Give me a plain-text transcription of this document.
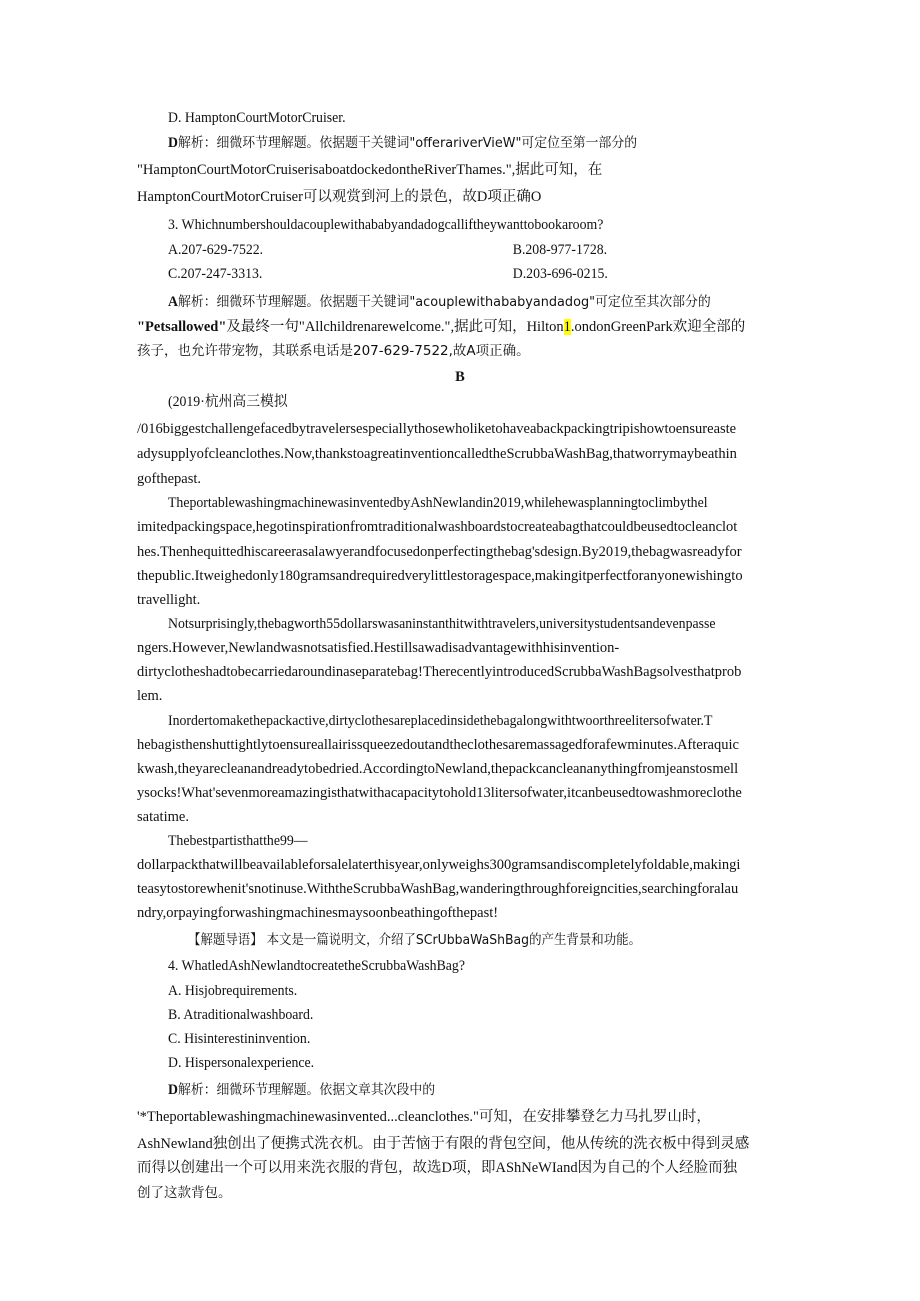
D. HamptonCourtMotorCruiser.
D解析：细微环节理解题。依据题干关键词"offerariverVieW"可定位至第一部分的
"HamptonCourtMotorCruiserisaboatdockedontheRiverThames.",据此可知，在
HamptonCourtMotorCruiser可以观赏到河上的景色，故D项正确O
3. Whichnumbershouldacouplewithababyandadogcalliftheywanttobookaroom?
A.207-629-7522.	B.208-977-1728.
C.207-247-3313.	D.203-696-0215.
A解析：细微环节理解题。依据题干关键词"acouplewithababyandadog"可定位至其次部分的
"Petsallowed"及最终一句"Allchildrenarewelcome.",据此可知，Hilton1.ondonGreenPark欢迎全部的
孩子，也允许带宠物，其联系电话是207-629-7522,故A项正确。
B
(2019·杭州高三模拟
/016biggestchallengefacedbytravelersespeciallythosewholiketohaveabackpackingtripishowtoensureaste
adysupplyofcleanclothes.Now,thankstoagreatinventioncalledtheScrubbaWashBag,thatworrymaybeathin
gofthepast.
TheportablewashingmachinewasinventedbyAshNewlandin2019,whilehewasplanningtoclimbythel
imitedpackingspace,hegotinspirationfromtraditionalwashboardstocreateabagthatcouldbeusedtocleanclot
hes.Thenhequittedhiscareerasalawyerandfocusedonperfectingthebag'sdesign.By2019,thebagwasreadyfor
thepublic.Itweighedonly180gramsandrequiredverylittlestoragespace,makingitperfectforanyonewishingto
travellight.
Notsurprisingly,thebagworth55dollarswasaninstanthitwithtravelers,universitystudentsandevenpasse
ngers.However,Newlandwasnotsatisfied.Hestillsawadisadvantagewithhisinvention-
dirtyclotheshadtobecarriedaroundinaseparatebag!TherecentlyintroducedScrubbaWashBagsolvesthatprob
lem.
Inordertomakethepackactive,dirtyclothesareplacedinsidethebagalongwithtwoorthreelitersofwater.T
hebagisthenshuttightlytoensureallairissqueezedoutandtheclothesaremassagedforafewminutes.Afteraquic
kwash,theyarecleanandreadytobedried.AccordingtoNewland,thepackcancleananythingfromjeanstosmell
ysocks!What'sevenmoreamazingisthatwithacapacitytohold13litersofwater,itcanbeusedtowashmoreclothe
satatime.
Thebestpartisthatthe99—
dollarpackthatwillbeavailableforsalelaterthisyear,onlyweighs300gramsandiscompletelyfoldable,makingi
teasytostorewhenit'snotinuse.WiththeScrubbaWashBag,wanderingthroughforeigncities,searchingforalau
ndry,orpayingforwashingmachinesmaysoonbeathingofthepast!
【解题导语】 本文是一篇说明文，介绍了SCrUbbaWaShBag的产生背景和功能。
4. WhatledAshNewlandtocreatetheScrubbaWashBag?
A. Hisjobrequirements.
B. Atraditionalwashboard.
C. Hisinterestininvention.
D. Hispersonalexperience.
D解析：细微环节理解题。依据文章其次段中的
'*Theportablewashingmachinewasinvented...cleanclothes."可知，在安排攀登乞力马扎罗山时，
AshNewland独创出了便携式洗衣机。由于苦恼于有限的背包空间，他从传统的洗衣板中得到灵感
而得以创建出一个可以用来洗衣服的背包，故选D项，即AShNeWIand因为自己的个人经脸而独
创了这款背包。
